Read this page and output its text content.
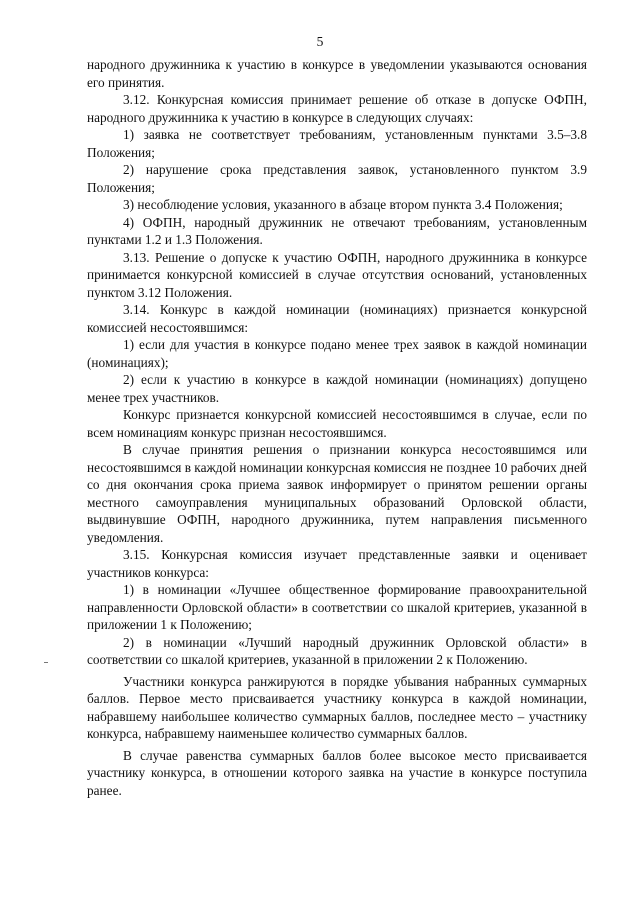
5

народного дружинника к участию в конкурсе в уведомлении указываются основания его принятия.

3.12. Конкурсная комиссия принимает решение об отказе в допуске ОФПН, народного дружинника к участию в конкурсе в следующих случаях:

1) заявка не соответствует требованиям, установленным пунктами 3.5–3.8 Положения;

2) нарушение срока представления заявок, установленного пунктом 3.9 Положения;

3) несоблюдение условия, указанного в абзаце втором пункта 3.4 Положения;

4) ОФПН, народный дружинник не отвечают требованиям, установленным пунктами 1.2 и 1.3 Положения.

3.13. Решение о допуске к участию ОФПН, народного дружинника в конкурсе принимается конкурсной комиссией в случае отсутствия оснований, установленных пунктом 3.12 Положения.

3.14. Конкурс в каждой номинации (номинациях) признается конкурсной комиссией несостоявшимся:

1) если для участия в конкурсе подано менее трех заявок в каждой номинации (номинациях);

2) если к участию в конкурсе в каждой номинации (номинациях) допущено менее трех участников.

Конкурс признается конкурсной комиссией несостоявшимся в случае, если по всем номинациям конкурс признан несостоявшимся.

В случае принятия решения о признании конкурса несостоявшимся или несостоявшимся в каждой номинации конкурсная комиссия не позднее 10 рабочих дней со дня окончания срока приема заявок информирует о принятом решении органы местного самоуправления муниципальных образований Орловской области, выдвинувшие ОФПН, народного дружинника, путем направления письменного уведомления.

3.15. Конкурсная комиссия изучает представленные заявки и оценивает участников конкурса:

1) в номинации «Лучшее общественное формирование правоохранительной направленности Орловской области» в соответствии со шкалой критериев, указанной в приложении 1 к Положению;

2) в номинации «Лучший народный дружинник Орловской области» в соответствии со шкалой критериев, указанной в приложении 2 к Положению.

Участники конкурса ранжируются в порядке убывания набранных суммарных баллов. Первое место присваивается участнику конкурса в каждой номинации, набравшему наибольшее количество суммарных баллов, последнее место – участнику конкурса, набравшему наименьшее количество суммарных баллов.

В случае равенства суммарных баллов более высокое место присваивается участнику конкурса, в отношении которого заявка на участие в конкурсе поступила ранее.
